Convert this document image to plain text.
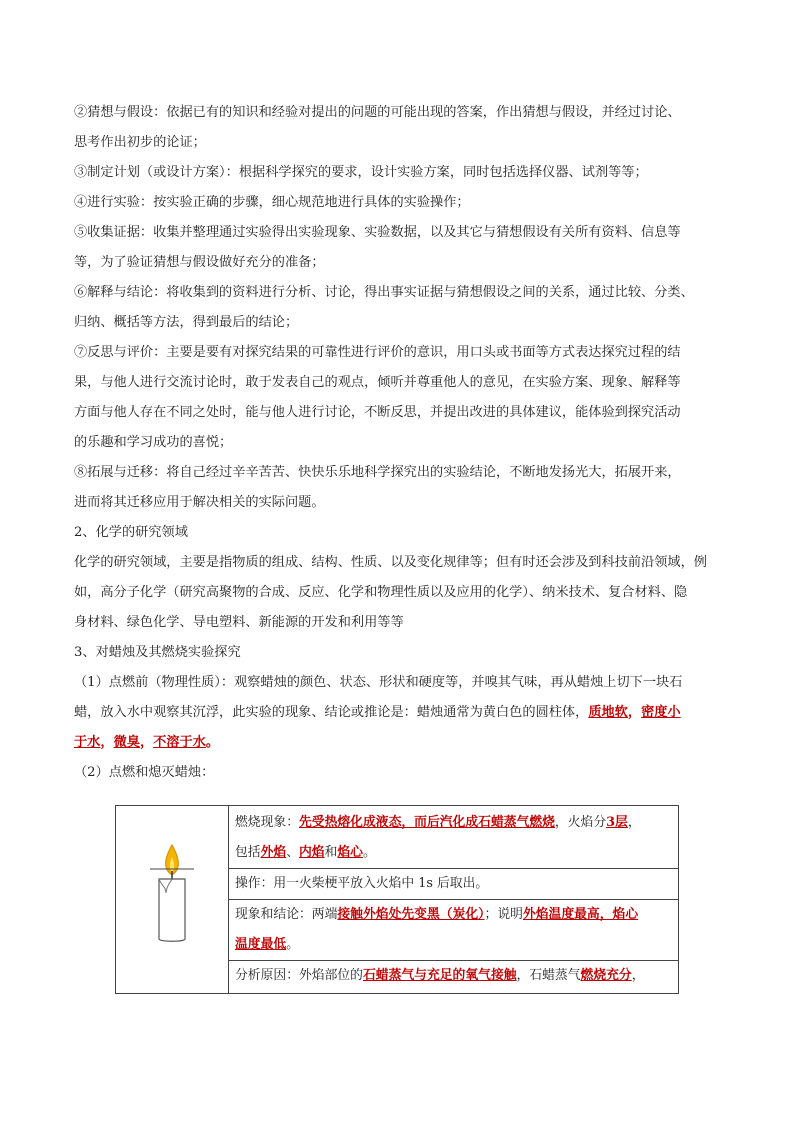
②猜想与假设：依据已有的知识和经验对提出的问题的可能出现的答案，作出猜想与假设，并经过讨论、

思考作出初步的论证；

③制定计划（或设计方案）：根据科学探究的要求，设计实验方案，同时包括选择仪器、试剂等等；

④进行实验：按实验正确的步骤，细心规范地进行具体的实验操作；

⑤收集证据：收集并整理通过实验得出实验现象、实验数据，以及其它与猜想假设有关所有资料、信息等

等，为了验证猜想与假设做好充分的准备；

⑥解释与结论：将收集到的资料进行分析、讨论，得出事实证据与猜想假设之间的关系，通过比较、分类、

归纳、概括等方法，得到最后的结论；

⑦反思与评价：主要是要有对探究结果的可靠性进行评价的意识，用口头或书面等方式表达探究过程的结

果，与他人进行交流讨论时，敢于发表自己的观点，倾听并尊重他人的意见，在实验方案、现象、解释等

方面与他人存在不同之处时，能与他人进行讨论，不断反思，并提出改进的具体建议，能体验到探究活动

的乐趣和学习成功的喜悦；

⑧拓展与迁移：将自己经过辛辛苦苦、快快乐乐地科学探究出的实验结论，不断地发扬光大，拓展开来，

进而将其迁移应用于解决相关的实际问题。

2、化学的研究领域

化学的研究领域，主要是指物质的组成、结构、性质、以及变化规律等；但有时还会涉及到科技前沿领域，例

如，高分子化学（研究高聚物的合成、反应、化学和物理性质以及应用的化学）、纳米技术、复合材料、隐

身材料、绿色化学、导电塑料、新能源的开发和利用等等

3、对蜡烛及其燃烧实验探究

（1）点燃前（物理性质）：观察蜡烛的颜色、状态、形状和硬度等，并嗅其气味，再从蜡烛上切下一块石

蜡，放入水中观察其沉浮，此实验的现象、结论或推论是：蜡烛通常为黄白色的圆柱体，质地软，密度小

于水，微臭，不溶于水。

（2）点燃和熄灭蜡烛：

燃烧现象：先受热熔化成液态，而后汽化成石蜡蒸气燃烧，火焰分3层，
包括外焰、内焰和焰心。
操作：用一火柴梗平放入火焰中 1s 后取出。
现象和结论：两端接触外焰处先变黑（炭化）；说明外焰温度最高，焰心
温度最低。
分析原因：外焰部位的石蜡蒸气与充足的氧气接触，石蜡蒸气燃烧充分，
